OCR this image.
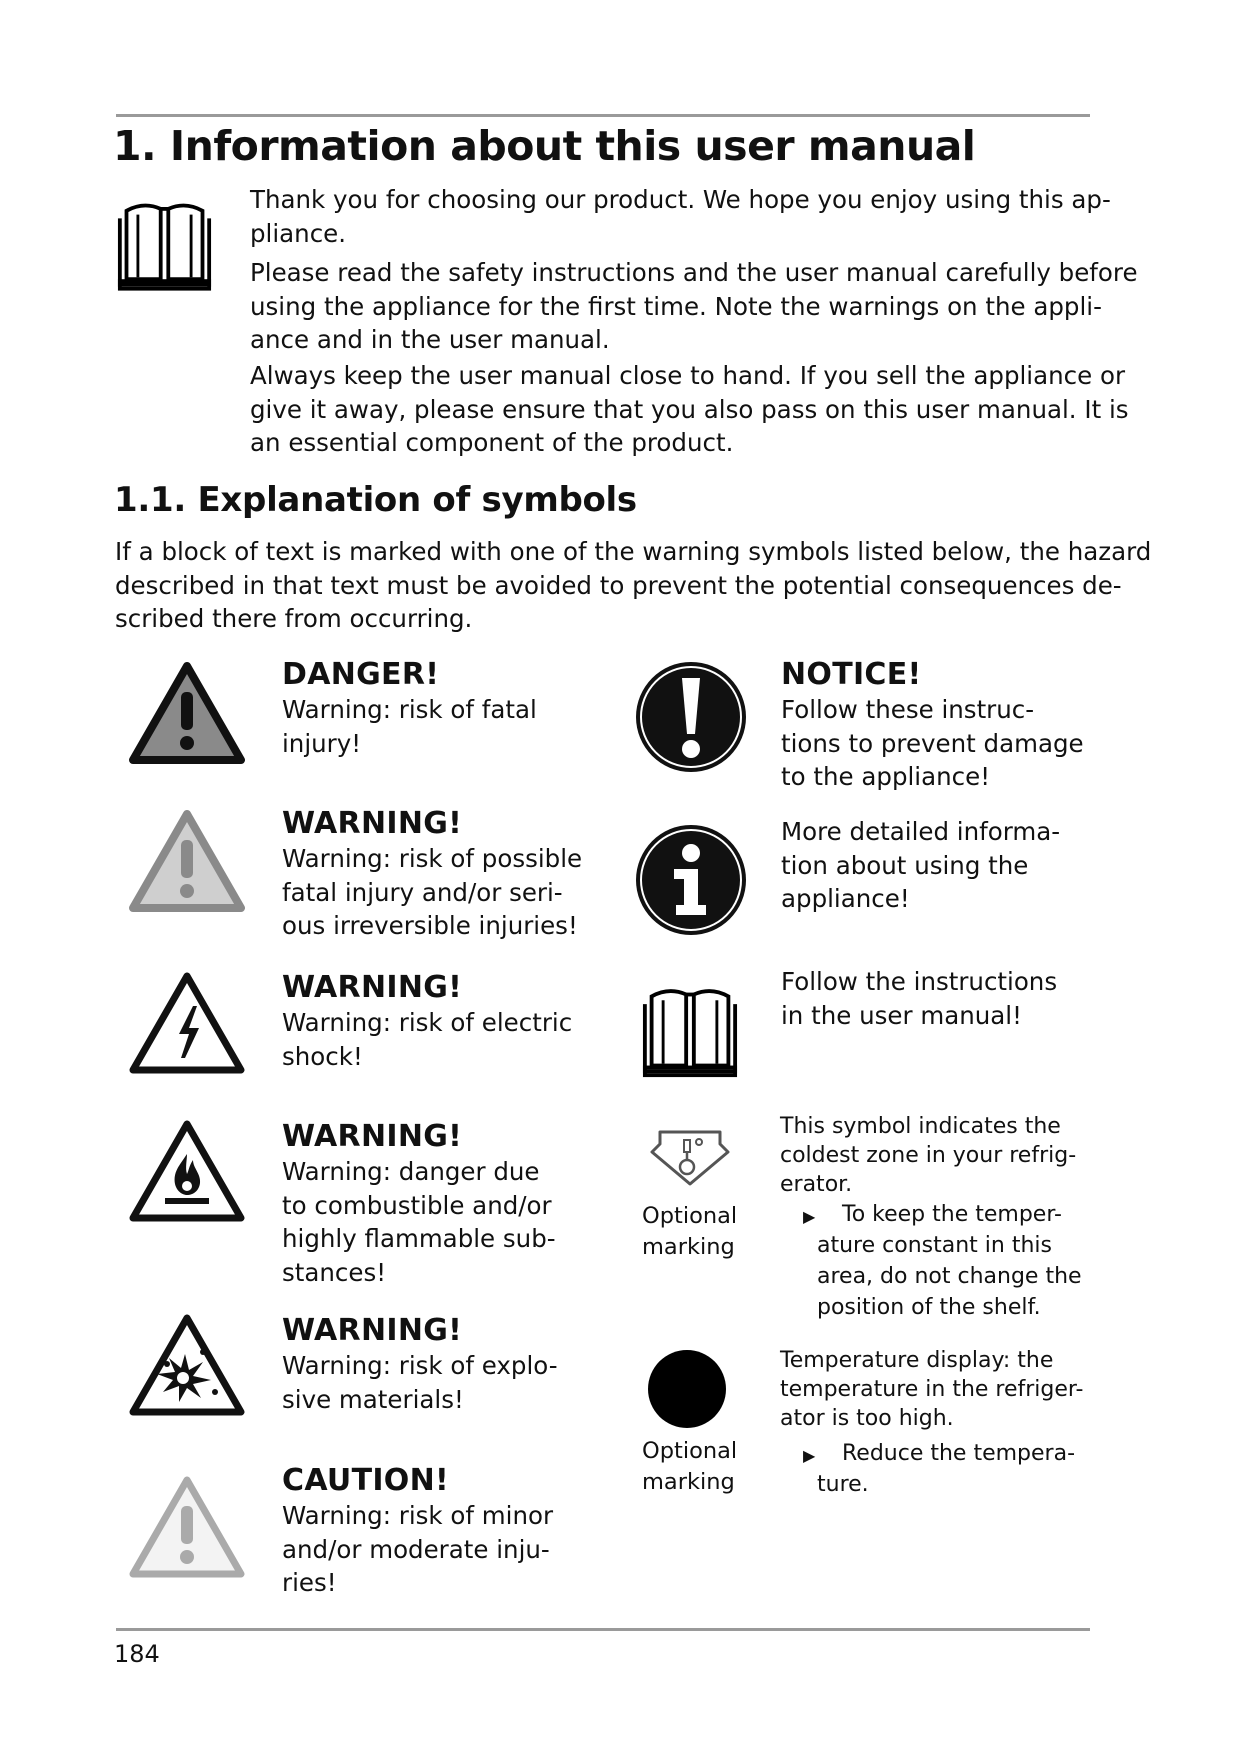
1. Information about this user manual
Thank you for choosing our product. We hope you enjoy using this ap-
pliance.
Please read the safety instructions and the user manual carefully before
using the appliance for the first time. Note the warnings on the appli-
ance and in the user manual.
Always keep the user manual close to hand. If you sell the appliance or
give it away, please ensure that you also pass on this user manual. It is
an essential component of the product.
1.1. Explanation of symbols
If a block of text is marked with one of the warning symbols listed below, the hazard
described in that text must be avoided to prevent the potential consequences de-
scribed there from occurring.
DANGER!
Warning: risk of fatal
injury!
WARNING!
Warning: risk of possible
fatal injury and/or seri-
ous irreversible injuries!
WARNING!
Warning: risk of electric
shock!
WARNING!
Warning: danger due
to combustible and/or
highly flammable sub-
stances!
WARNING!
Warning: risk of explo-
sive materials!
CAUTION!
Warning: risk of minor
and/or moderate inju-
ries!
NOTICE!
Follow these instruc-
tions to prevent damage
to the appliance!
More detailed informa-
tion about using the
appliance!
Follow the instructions
in the user manual!
Optional
marking
This symbol indicates the
coldest zone in your refrig-
erator.
▶	To keep the temper-
ature constant in this
area, do not change the
position of the shelf.
Optional
marking
Temperature display: the
temperature in the refriger-
ator is too high.
▶	Reduce the tempera-
ture.
184
